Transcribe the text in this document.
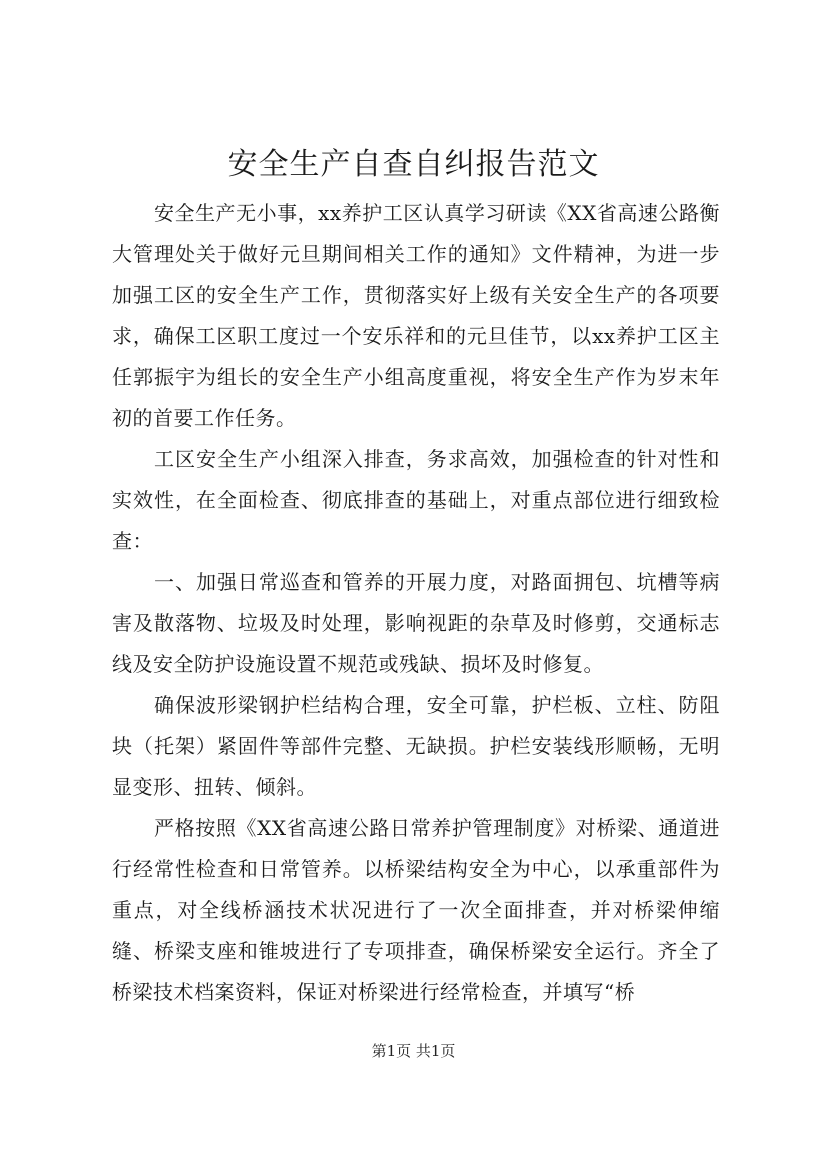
安全生产自查自纠报告范文

安全生产无小事，xx养护工区认真学习研读《XX省高速公路衡大管理处关于做好元旦期间相关工作的通知》文件精神，为进一步加强工区的安全生产工作，贯彻落实好上级有关安全生产的各项要求，确保工区职工度过一个安乐祥和的元旦佳节，以xx养护工区主任郭振宇为组长的安全生产小组高度重视，将安全生产作为岁末年初的首要工作任务。

工区安全生产小组深入排查，务求高效，加强检查的针对性和实效性，在全面检查、彻底排查的基础上，对重点部位进行细致检查：

一、加强日常巡查和管养的开展力度，对路面拥包、坑槽等病害及散落物、垃圾及时处理，影响视距的杂草及时修剪，交通标志线及安全防护设施设置不规范或残缺、损坏及时修复。

确保波形梁钢护栏结构合理，安全可靠，护栏板、立柱、防阻块（托架）紧固件等部件完整、无缺损。护栏安装线形顺畅，无明显变形、扭转、倾斜。

严格按照《XX省高速公路日常养护管理制度》对桥梁、通道进行经常性检查和日常管养。以桥梁结构安全为中心，以承重部件为重点，对全线桥涵技术状况进行了一次全面排查，并对桥梁伸缩缝、桥梁支座和锥坡进行了专项排查，确保桥梁安全运行。齐全了桥梁技术档案资料，保证对桥梁进行经常检查，并填写“桥

第1页 共1页
